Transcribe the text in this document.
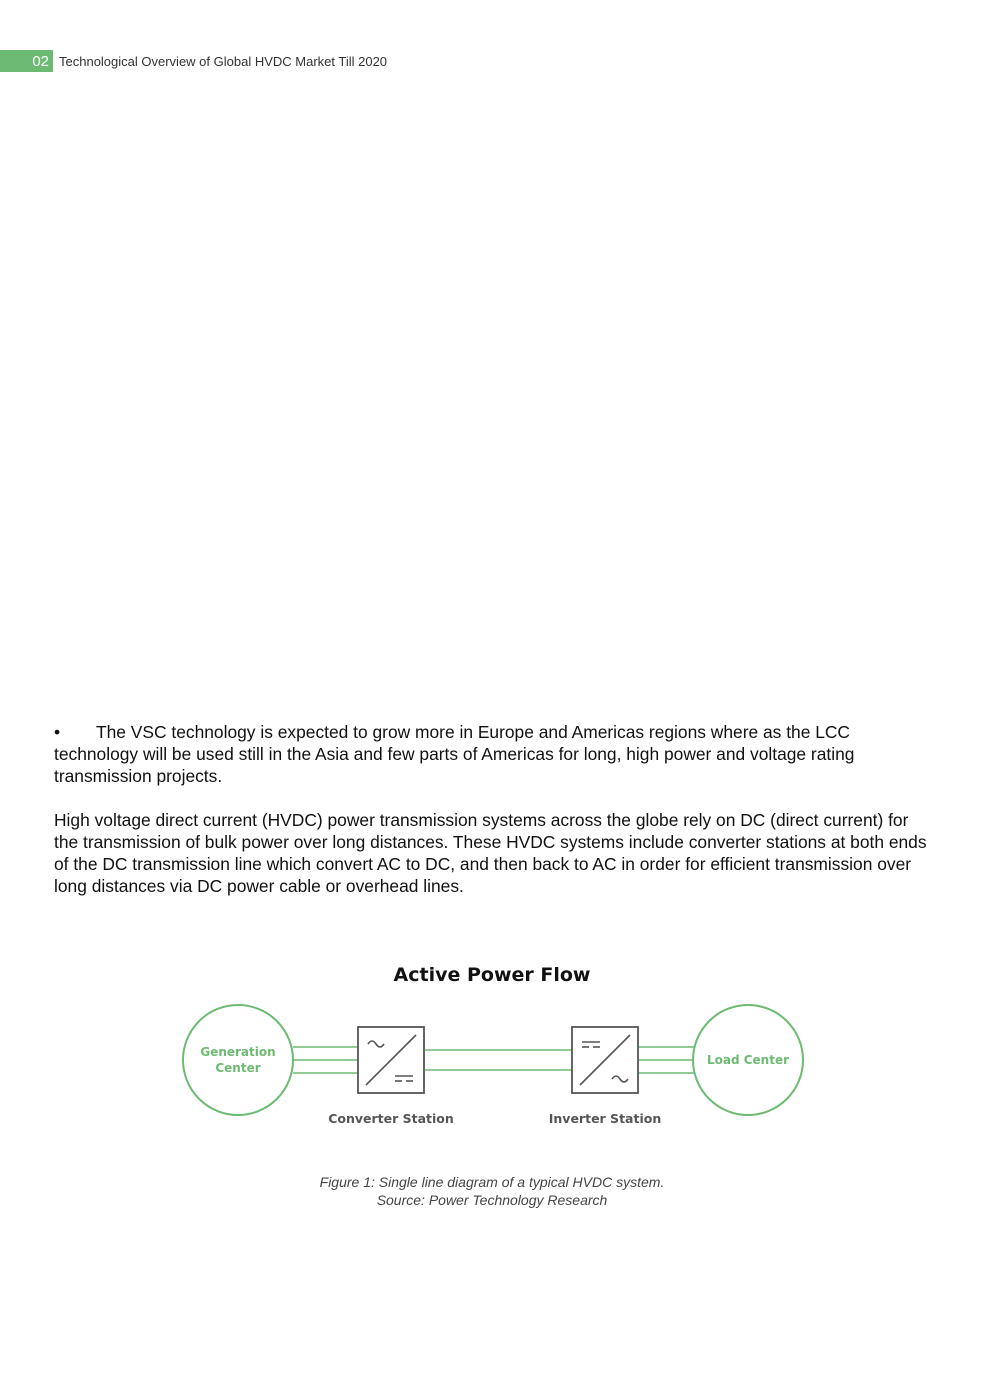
02 Technological Overview of Global HVDC Market Till 2020
• The VSC technology is expected to grow more in Europe and Americas regions where as the LCC technology will be used still in the Asia and few parts of Americas for long, high power and voltage rating transmission projects.
High voltage direct current (HVDC) power transmission systems across the globe rely on DC (direct current) for the transmission of bulk power over long distances. These HVDC systems include converter stations at both ends of the DC transmission line which convert AC to DC, and then back to AC in order for efficient transmission over long distances via DC power cable or overhead lines.
Active Power Flow
Generation
Center
Load Center
Converter Station	Inverter Station
Figure 1: Single line diagram of a typical HVDC system.
Source: Power Technology Research
